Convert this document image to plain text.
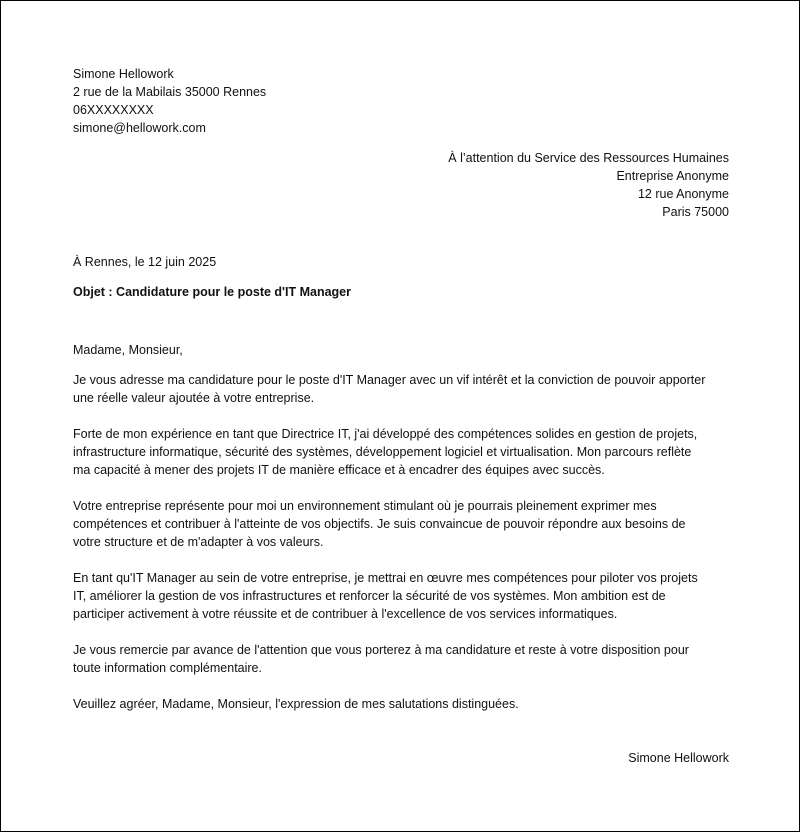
Simone Hellowork
2 rue de la Mabilais 35000 Rennes
06XXXXXXXX
simone@hellowork.com
À l’attention du Service des Ressources Humaines
Entreprise Anonyme
12 rue Anonyme
Paris 75000
À Rennes, le 12 juin 2025
Objet : Candidature pour le poste d'IT Manager
Madame, Monsieur,
Je vous adresse ma candidature pour le poste d'IT Manager avec un vif intérêt et la conviction de pouvoir apporter
une réelle valeur ajoutée à votre entreprise.
Forte de mon expérience en tant que Directrice IT, j'ai développé des compétences solides en gestion de projets,
infrastructure informatique, sécurité des systèmes, développement logiciel et virtualisation. Mon parcours reflète
ma capacité à mener des projets IT de manière efficace et à encadrer des équipes avec succès.
Votre entreprise représente pour moi un environnement stimulant où je pourrais pleinement exprimer mes
compétences et contribuer à l'atteinte de vos objectifs. Je suis convaincue de pouvoir répondre aux besoins de
votre structure et de m'adapter à vos valeurs.
En tant qu'IT Manager au sein de votre entreprise, je mettrai en œuvre mes compétences pour piloter vos projets
IT, améliorer la gestion de vos infrastructures et renforcer la sécurité de vos systèmes. Mon ambition est de
participer activement à votre réussite et de contribuer à l'excellence de vos services informatiques.
Je vous remercie par avance de l'attention que vous porterez à ma candidature et reste à votre disposition pour
toute information complémentaire.
Veuillez agréer, Madame, Monsieur, l'expression de mes salutations distinguées.
Simone Hellowork
